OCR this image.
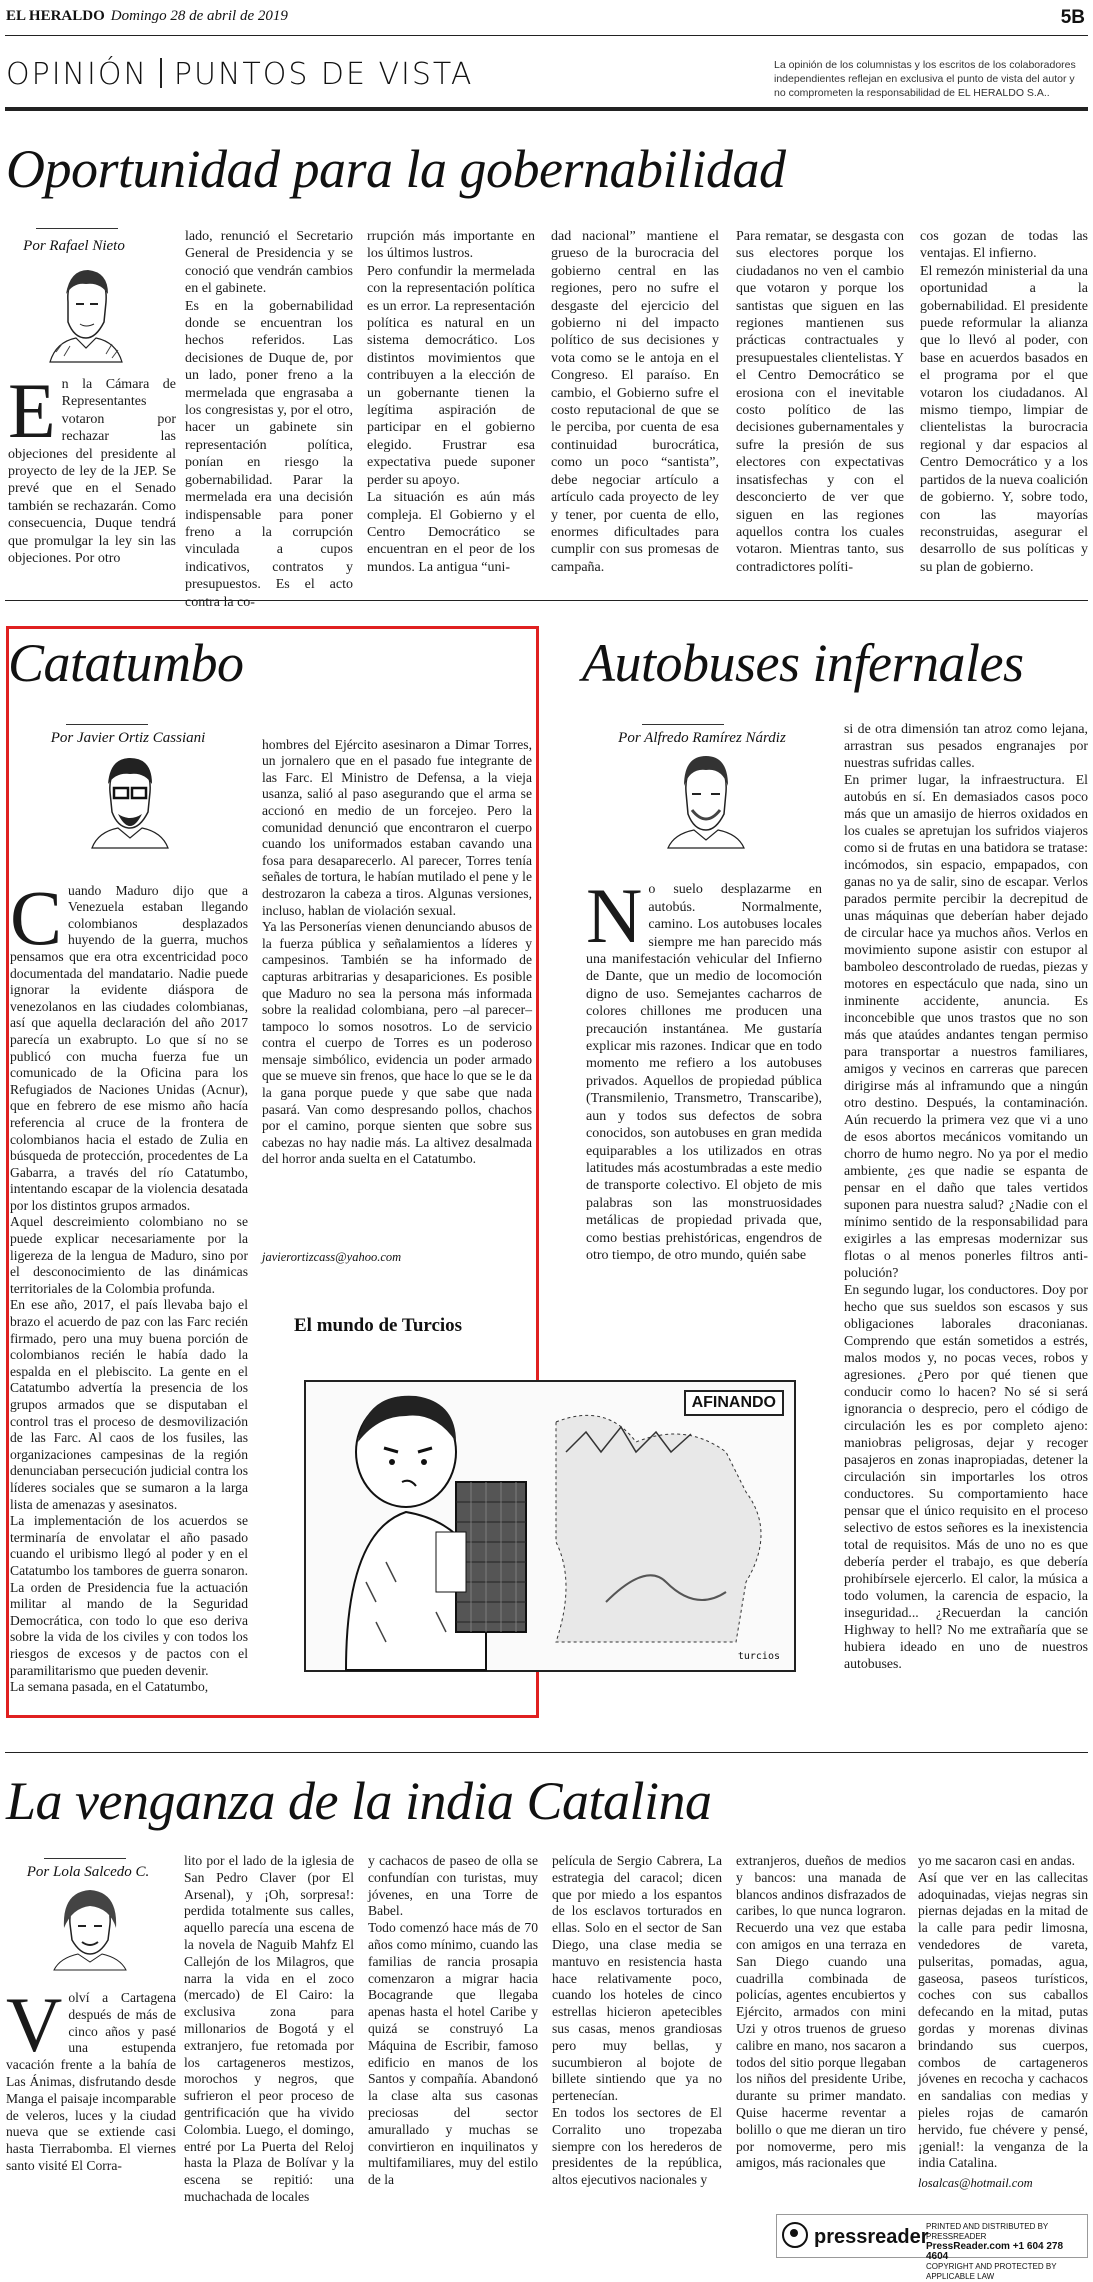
EL HERALDO Domingo 28 de abril de 2019	5B
OPINIÓN PUNTOS DE VISTA	La opinión de los columnistas y los escritos de los colaboradores independientes reflejan en exclusiva el punto de vista del autor y no comprometen la responsabilidad de EL HERALDO S.A..
Oportunidad para la gobernabilidad
Por Rafael Nieto
En la Cámara de Representantes votaron por rechazar las objeciones del presidente al proyecto de ley de la JEP. Se prevé que en el Senado también se rechazarán. Como consecuencia, Duque tendrá que promulgar la ley sin las objeciones. Por otro
lado, renunció el Secretario General de Presidencia y se conoció que vendrán cambios en el gabinete.
Es en la gobernabilidad donde se encuentran los hechos referidos. Las decisiones de Duque de, por un lado, poner freno a la mermelada que engrasaba a los congresistas y, por el otro, hacer un gabinete sin representación política, ponían en riesgo la gobernabilidad. Parar la mermelada era una decisión indispensable para poner freno a la corrupción vinculada a cupos indicativos, contratos y presupuestos. Es el acto contra la co-
rrupción más importante en los últimos lustros.
Pero confundir la mermelada con la representación política es un error. La representación política es natural en un sistema democrático. Los distintos movimientos que contribuyen a la elección de un gobernante tienen la legítima aspiración de participar en el gobierno elegido. Frustrar esa expectativa puede suponer perder su apoyo.
La situación es aún más compleja. El Gobierno y el Centro Democrático se encuentran en el peor de los mundos. La antigua “uni-
dad nacional” mantiene el grueso de la burocracia del gobierno central en las regiones, pero no sufre el desgaste del ejercicio del gobierno ni del impacto político de sus decisiones y vota como se le antoja en el Congreso. El paraíso. En cambio, el Gobierno sufre el costo reputacional de que se le perciba, por cuenta de esa continuidad burocrática, como un poco “santista”, debe negociar artículo a artículo cada proyecto de ley y tener, por cuenta de ello, enormes dificultades para cumplir con sus promesas de campaña.
Para rematar, se desgasta con sus electores porque los ciudadanos no ven el cambio que votaron y porque los santistas que siguen en las regiones mantienen sus prácticas contractuales y presupuestales clientelistas. Y el Centro Democrático se erosiona con el inevitable costo político de las decisiones gubernamentales y sufre la presión de sus electores con expectativas insatisfechas y con el desconcierto de ver que siguen en las regiones aquellos contra los cuales votaron. Mientras tanto, sus contradictores políti-
cos gozan de todas las ventajas. El infierno.
El remezón ministerial da una oportunidad a la gobernabilidad. El presidente puede reformular la alianza que lo llevó al poder, con base en acuerdos basados en el programa por el que votaron los ciudadanos. Al mismo tiempo, limpiar de clientelistas la burocracia regional y dar espacios al Centro Democrático y a los partidos de la nueva coalición de gobierno. Y, sobre todo, con las mayorías reconstruidas, asegurar el desarrollo de sus políticas y su plan de gobierno.
Catatumbo
Por Javier Ortiz Cassiani

Cuando Maduro dijo que a Venezuela estaban llegando colombianos desplazados huyendo de la guerra, muchos pensamos que era otra excentricidad poco documentada del mandatario. Nadie puede ignorar la evidente diáspora de venezolanos en las ciudades colombianas, así que aquella declaración del año 2017 parecía un exabrupto. Lo que sí no se publicó con mucha fuerza fue un comunicado de la Oficina para los Refugiados de Naciones Unidas (Acnur), que en febrero de ese mismo año hacía referencia al cruce de la frontera de colombianos hacia el estado de Zulia en búsqueda de protección, procedentes de La Gabarra, a través del río Catatumbo, intentando escapar de la violencia desatada por los distintos grupos armados.
Aquel descreimiento colombiano no se puede explicar necesariamente por la ligereza de la lengua de Maduro, sino por el desconocimiento de las dinámicas territoriales de la Colombia profunda.
En ese año, 2017, el país llevaba bajo el brazo el acuerdo de paz con las Farc recién firmado, pero una muy buena porción de colombianos recién le había dado la espalda en el plebiscito. La gente en el Catatumbo advertía la presencia de los grupos armados que se disputaban el control tras el proceso de desmovilización de las Farc. Al caos de los fusiles, las organizaciones campesinas de la región denunciaban persecución judicial contra los líderes sociales que se sumaron a la larga lista de amenazas y asesinatos.
La implementación de los acuerdos se terminaría de envolatar el año pasado cuando el uribismo llegó al poder y en el Catatumbo los tambores de guerra sonaron. La orden de Presidencia fue la actuación militar al mando de la Seguridad Democrática, con todo lo que eso deriva sobre la vida de los civiles y con todos los riesgos de excesos y de pactos con el paramilitarismo que pueden devenir.
La semana pasada, en el Catatumbo,

hombres del Ejército asesinaron a Dimar Torres, un jornalero que en el pasado fue integrante de las Farc. El Ministro de Defensa, a la vieja usanza, salió al paso asegurando que el arma se accionó en medio de un forcejeo. Pero la comunidad denunció que encontraron el cuerpo cuando los uniformados estaban cavando una fosa para desaparecerlo. Al parecer, Torres tenía señales de tortura, le habían mutilado el pene y le destrozaron la cabeza a tiros. Algunas versiones, incluso, hablan de violación sexual.
Ya las Personerías vienen denunciando abusos de la fuerza pública y señalamientos a líderes y campesinos. También se ha informado de capturas arbitrarias y desapariciones. Es posible que Maduro no sea la persona más informada sobre la realidad colombiana, pero –al parecer– tampoco lo somos nosotros. Lo de servicio contra el cuerpo de Torres es un poderoso mensaje simbólico, evidencia un poder armado que se mueve sin frenos, que hace lo que se le da la gana porque puede y que sabe que nada pasará. Van como despresando pollos, chachos por el camino, porque sienten que sobre sus cabezas no hay nadie más. La altivez desalmada del horror anda suelta en el Catatumbo.

javierortizcass@yahoo.com
Autobuses infernales
Por Alfredo Ramírez Nárdiz

No suelo desplazarme en autobús. Normalmente, camino. Los autobuses locales siempre me han parecido más una manifestación vehicular del Infierno de Dante, que un medio de locomoción digno de uso. Semejantes cacharros de colores chillones me producen una precaución instantánea. Me gustaría explicar mis razones. Indicar que en todo momento me refiero a los autobuses privados. Aquellos de propiedad pública (Transmilenio, Transmetro, Transcaribe), aun y todos sus defectos de sobra conocidos, son autobuses en gran medida equiparables a los utilizados en otras latitudes más acostumbradas a este medio de transporte colectivo. El objeto de mis palabras son las monstruosidades metálicas de propiedad privada que, como bestias prehistóricas, engendros de otro tiempo, de otro mundo, quién sabe

si de otra dimensión tan atroz como lejana, arrastran sus pesados engranajes por nuestras sufridas calles.
En primer lugar, la infraestructura. El autobús en sí. En demasiados casos poco más que un amasijo de hierros oxidados en los cuales se apretujan los sufridos viajeros como si de frutas en una batidora se tratase: incómodos, sin espacio, empapados, con ganas no ya de salir, sino de escapar. Verlos parados permite percibir la decrepitud de unas máquinas que deberían haber dejado de circular hace ya muchos años. Verlos en movimiento supone asistir con estupor al bamboleo descontrolado de ruedas, piezas y motores en espectáculo que nada, sino un inminente accidente, anuncia. Es inconcebible que unos trastos que no son más que ataúdes andantes tengan permiso para transportar a nuestros familiares, amigos y vecinos en carreras que parecen dirigirse más al inframundo que a ningún otro destino. Después, la contaminación. Aún recuerdo la primera vez que vi a uno de esos abortos mecánicos vomitando un chorro de humo negro. No ya por el medio ambiente, ¿es que nadie se espanta de pensar en el daño que tales vertidos suponen para nuestra salud? ¿Nadie con el mínimo sentido de la responsabilidad para exigirles a las empresas modernizar sus flotas o al menos ponerles filtros anti-polución?
En segundo lugar, los conductores. Doy por hecho que sus sueldos son escasos y sus obligaciones laborales draconianas. Comprendo que están sometidos a estrés, malos modos y, no pocas veces, robos y agresiones. ¿Pero por qué tienen que conducir como lo hacen? No sé si será ignorancia o desprecio, pero el código de circulación les es por completo ajeno: maniobras peligrosas, dejar y recoger pasajeros en zonas inapropiadas, detener la circulación sin importarles los otros conductores. Su comportamiento hace pensar que el único requisito en el proceso selectivo de estos señores es la inexistencia total de requisitos. Más de uno no es que debería perder el trabajo, es que debería prohibírsele ejercerlo. El calor, la música a todo volumen, la carencia de espacio, la inseguridad... ¿Recuerdan la canción Highway to hell? No me extrañaría que se hubiera ideado en uno de nuestros autobuses.
El mundo de Turcios
AFINANDO
turcios
La venganza de la india Catalina
Por Lola Salcedo C.
Volví a Cartagena después de más de cinco años y pasé una estupenda vacación frente a la bahía de Las Ánimas, disfrutando desde Manga el paisaje incomparable de veleros, luces y la ciudad nueva que se extiende casi hasta Tierrabomba. El viernes santo visité El Corra-
lito por el lado de la iglesia de San Pedro Claver (por El Arsenal), y ¡Oh, sorpresa!: perdida totalmente sus calles, aquello parecía una escena de la novela de Naguib Mahfz El Callejón de los Milagros, que narra la vida en el zoco (mercado) de El Cairo: la exclusiva zona para millonarios de Bogotá y el extranjero, fue retomada por los cartageneros mestizos, morochos y negros, que sufrieron el peor proceso de gentrificación que ha vivido Colombia. Luego, el domingo, entré por La Puerta del Reloj hasta la Plaza de Bolívar y la escena se repitió: una muchachada de locales
y cachacos de paseo de olla se confundían con turistas, muy jóvenes, en una Torre de Babel.
Todo comenzó hace más de 70 años como mínimo, cuando las familias de rancia prosapia comenzaron a migrar hacia Bocagrande que llegaba apenas hasta el hotel Caribe y quizá se construyó La Máquina de Escribir, famoso edificio en manos de los Santos y compañía. Abandonó la clase alta sus casonas preciosas del sector amurallado y muchas se convirtieron en inquilinatos y multifamiliares, muy del estilo de la
película de Sergio Cabrera, La estrategia del caracol; dicen que por miedo a los espantos de los esclavos torturados en ellas. Solo en el sector de San Diego, una clase media se mantuvo en resistencia hasta hace relativamente poco, cuando los hoteles de cinco estrellas hicieron apetecibles sus casas, menos grandiosas pero muy bellas, y sucumbieron al bojote de billete sintiendo que ya no pertenecían.
En todos los sectores de El Corralito uno tropezaba siempre con los herederos de presidentes de la república, altos ejecutivos nacionales y
extranjeros, dueños de medios y bancos: una manada de blancos andinos disfrazados de caribes, lo que nunca lograron. Recuerdo una vez que estaba con amigos en una terraza en San Diego cuando una cuadrilla combinada de policías, agentes encubiertos y Ejército, armados con mini Uzi y otros truenos de grueso calibre en mano, nos sacaron a todos del sitio porque llegaban los niños del presidente Uribe, durante su primer mandato. Quise hacerme reventar a bolillo o que me dieran un tiro por nomoverme, pero mis amigos, más racionales que
yo me sacaron casi en andas.
Así que ver en las callecitas adoquinadas, viejas negras sin piernas dejadas en la mitad de la calle para pedir limosna, vendedores de vareta, pulseritas, pomadas, agua, gaseosa, paseos turísticos, coches con sus caballos defecando en la mitad, putas gordas y morenas divinas brindando sus cuerpos, combos de cartageneros jóvenes en recocha y cachacos en sandalias con medias y pieles rojas de camarón hervido, fue chévere y pensé, ¡genial!: la venganza de la india Catalina.
losalcas@hotmail.com
pressreader
PRINTED AND DISTRIBUTED BY PRESSREADER
PressReader.com +1 604 278 4604
COPYRIGHT AND PROTECTED BY APPLICABLE LAW
